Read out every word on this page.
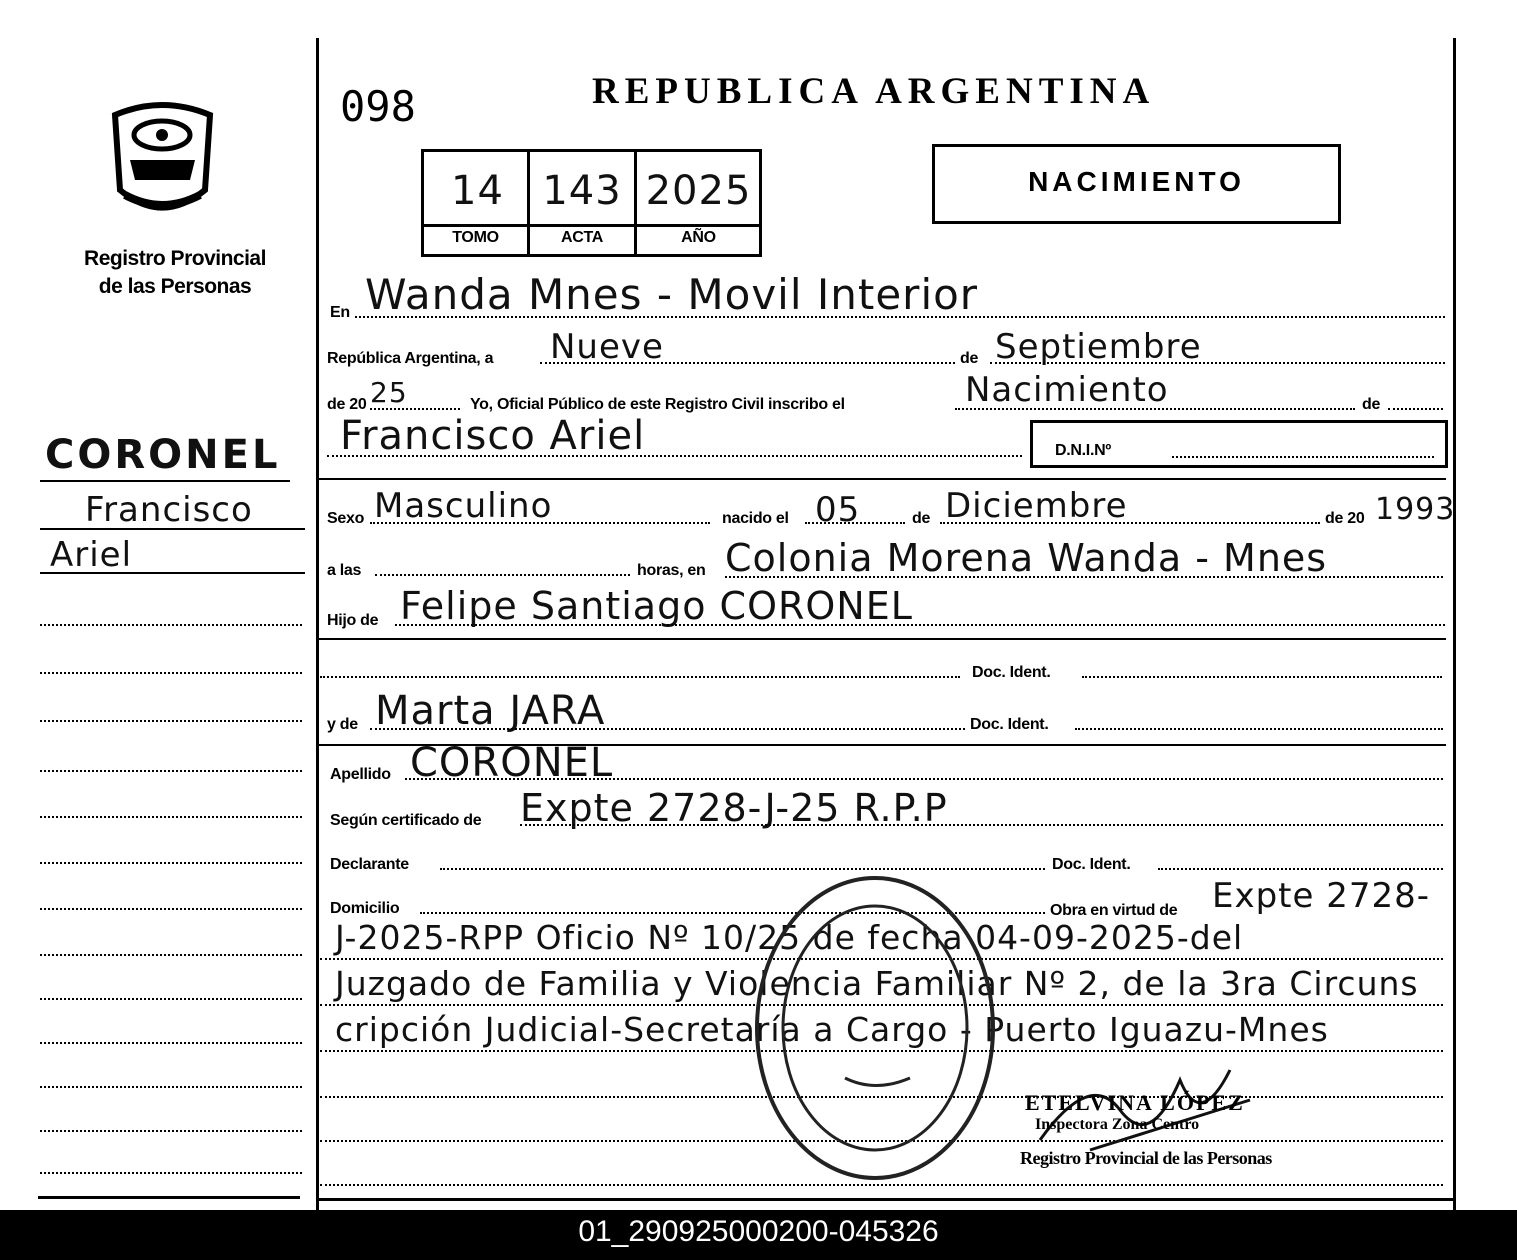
Registro Provincial
de las Personas
CORONEL
Francisco
Ariel
098	REPUBLICA ARGENTINA
14 143 2025
TOMO	ACTA	AÑO
NACIMIENTO
En Wanda Mnes - Movil Interior
República Argentina, a Nueve	de Septiembre
de 20 25	Yo, Oficial Público de este Registro Civil inscribo el	Nacimiento	de
Francisco Ariel	D.N.I.Nº
Sexo Masculino	nacido el 05	de Diciembre	de 20 1993
a las	horas, en Colonia Morena Wanda - Mnes
Hijo de Felipe Santiago CORONEL
Doc. Ident.
y de Marta JARA	Doc. Ident.
Apellido CORONEL
Según certificado de Expte 2728-J-25 R.P.P
Declarante	Doc. Ident.
Domicilio	Obra en virtud de Expte 2728-
J-2025-RPP Oficio Nº 10/25 de fecha 04-09-2025-del
Juzgado de Familia y Violencia Familiar Nº 2, de la 3ra Circuns
cripción Judicial-Secretaría a Cargo - Puerto Iguazu-Mnes
ETELVINA LÓPEZ
Inspectora Zona Centro
Registro Provincial de las Personas
01_290925000200-045326
